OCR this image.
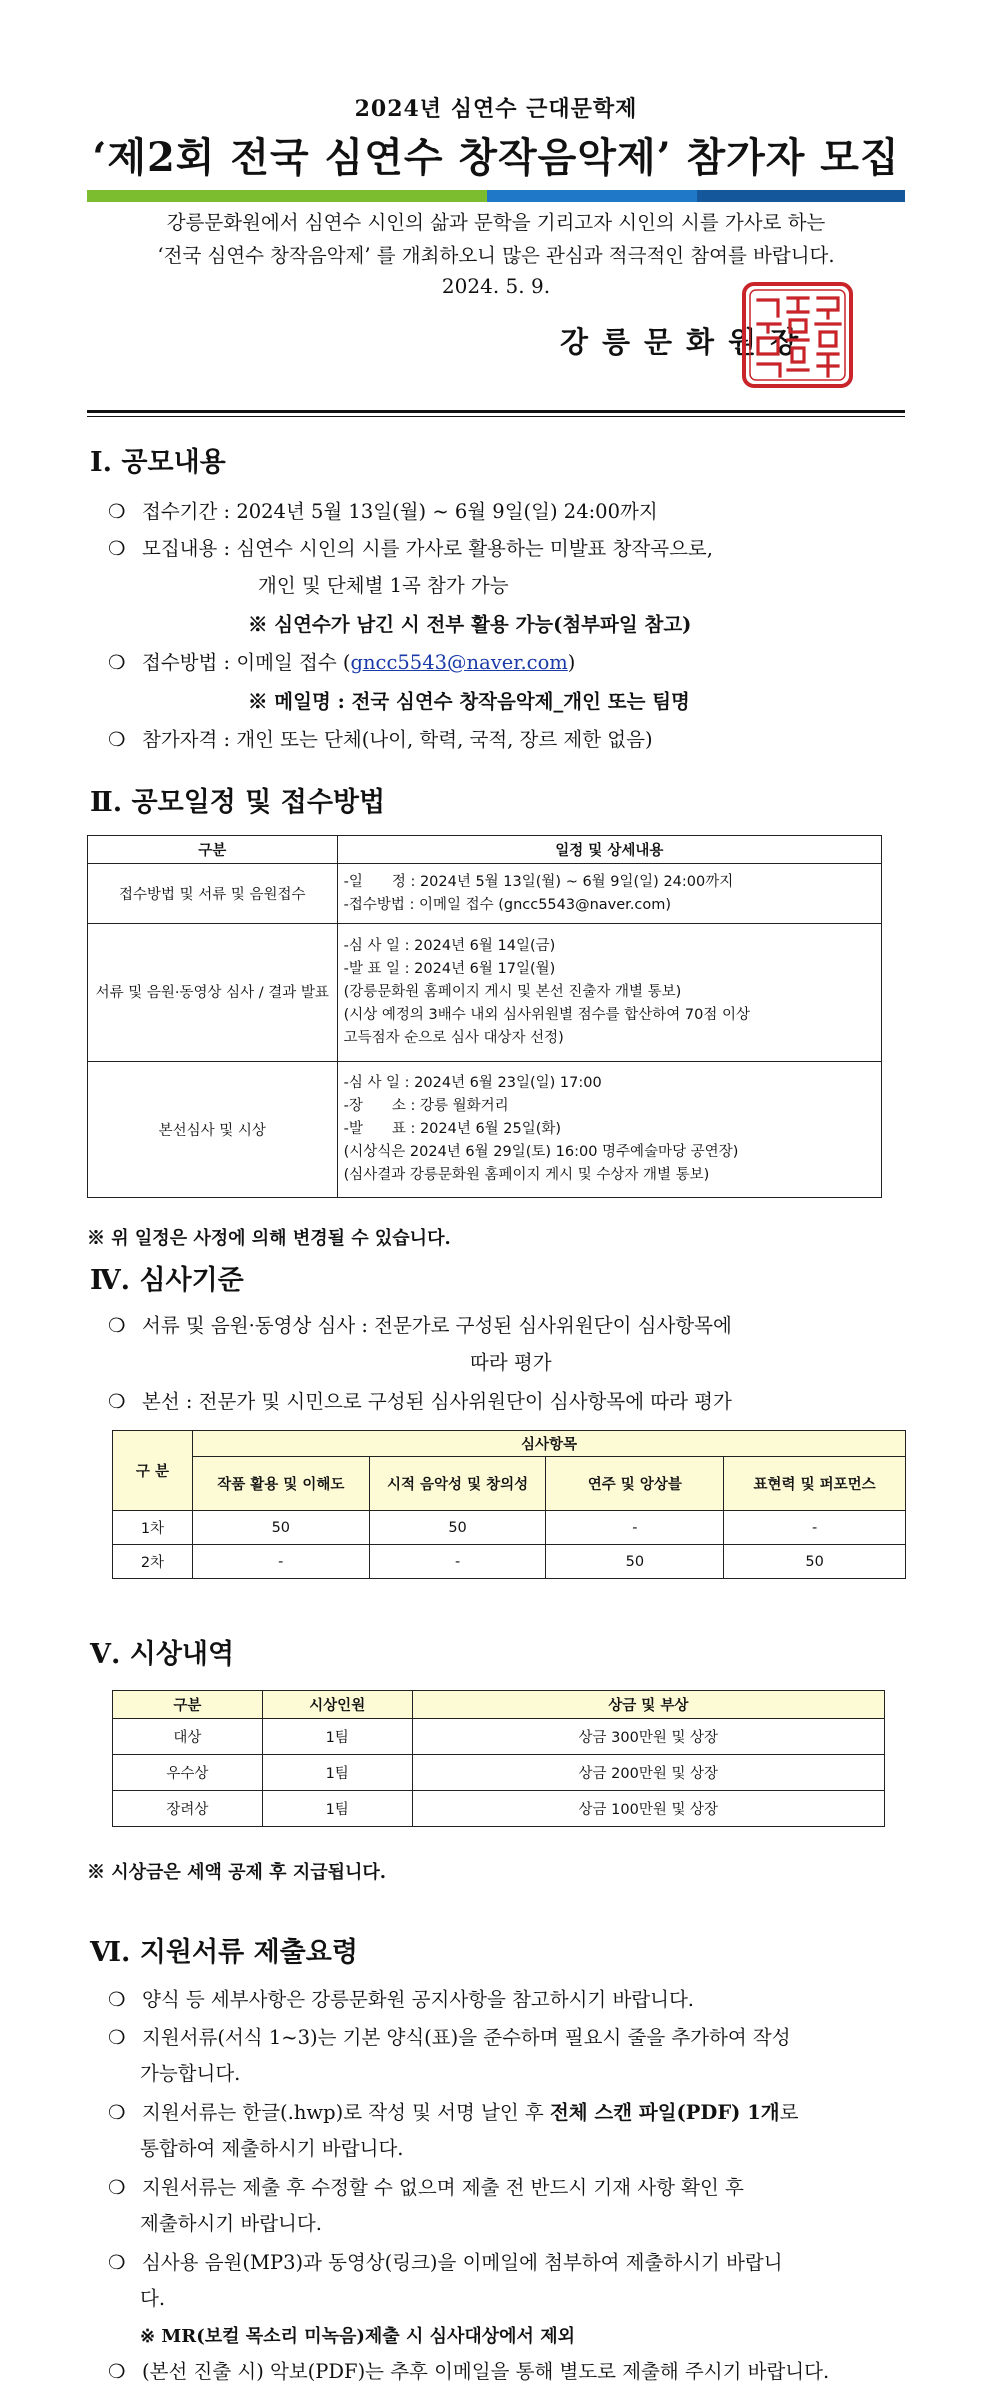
2024년 심연수 근대문학제
‘제2회 전국 심연수 창작음악제’ 참가자 모집
강릉문화원에서 심연수 시인의 삶과 문학을 기리고자 시인의 시를 가사로 하는
‘전국 심연수 창작음악제’ 를 개최하오니 많은 관심과 적극적인 참여를 바랍니다.
2024. 5. 9.
강릉문화원장
Ⅰ. 공모내용
❍ 접수기간 : 2024년 5월 13일(월) ~ 6월 9일(일) 24:00까지
❍ 모집내용 : 심연수 시인의 시를 가사로 활용하는 미발표 창작곡으로,
개인 및 단체별 1곡 참가 가능
※ 심연수가 남긴 시 전부 활용 가능(첨부파일 참고)
❍ 접수방법 : 이메일 접수 (gncc5543@naver.com)
※ 메일명 : 전국 심연수 창작음악제_개인 또는 팀명
❍ 참가자격 : 개인 또는 단체(나이, 학력, 국적, 장르 제한 없음)
Ⅱ. 공모일정 및 접수방법
구분	일정 및 상세내용
접수방법 및 서류 및 음원접수	-일　　정 : 2024년 5월 13일(월) ~ 6월 9일(일) 24:00까지
-접수방법 : 이메일 접수 (gncc5543@naver.com)

서류 및 음원·동영상 심사 / 결과 발표	-심 사 일 : 2024년 6월 14일(금)
-발 표 일 : 2024년 6월 17일(월)
(강릉문화원 홈페이지 게시 및 본선 진출자 개별 통보)
(시상 예정의 3배수 내외 심사위원별 점수를 합산하여 70점 이상
고득점자 순으로 심사 대상자 선정)

본선심사 및 시상	-심 사 일 : 2024년 6월 23일(일) 17:00
-장　　소 : 강릉 월화거리
-발　　표 : 2024년 6월 25일(화)
(시상식은 2024년 6월 29일(토) 16:00 명주예술마당 공연장)
(심사결과 강릉문화원 홈페이지 게시 및 수상자 개별 통보)
※ 위 일정은 사정에 의해 변경될 수 있습니다.
Ⅳ. 심사기준
❍ 서류 및 음원·동영상 심사 : 전문가로 구성된 심사위원단이 심사항목에
따라 평가
❍ 본선 : 전문가 및 시민으로 구성된 심사위원단이 심사항목에 따라 평가
구 분	심사항목			
	작품 활용 및 이해도	시적 음악성 및 창의성	연주 및 앙상블	표현력 및 퍼포먼스
1차	50	50	-	-
2차	-	-	50	50
Ⅴ. 시상내역
구분	시상인원	상금 및 부상
대상	1팀	상금 300만원 및 상장
우수상	1팀	상금 200만원 및 상장
장려상	1팀	상금 100만원 및 상장
※ 시상금은 세액 공제 후 지급됩니다.
Ⅵ. 지원서류 제출요령
❍ 양식 등 세부사항은 강릉문화원 공지사항을 참고하시기 바랍니다.
❍ 지원서류(서식 1~3)는 기본 양식(표)을 준수하며 필요시 줄을 추가하여 작성
가능합니다.
❍ 지원서류는 한글(.hwp)로 작성 및 서명 날인 후 전체 스캔 파일(PDF) 1개로
통합하여 제출하시기 바랍니다.
❍ 지원서류는 제출 후 수정할 수 없으며 제출 전 반드시 기재 사항 확인 후
제출하시기 바랍니다.
❍ 심사용 음원(MP3)과 동영상(링크)을 이메일에 첨부하여 제출하시기 바랍니
다.
※ MR(보컬 목소리 미녹음)제출 시 심사대상에서 제외
❍ (본선 진출 시) 악보(PDF)는 추후 이메일을 통해 별도로 제출해 주시기 바랍니다.
